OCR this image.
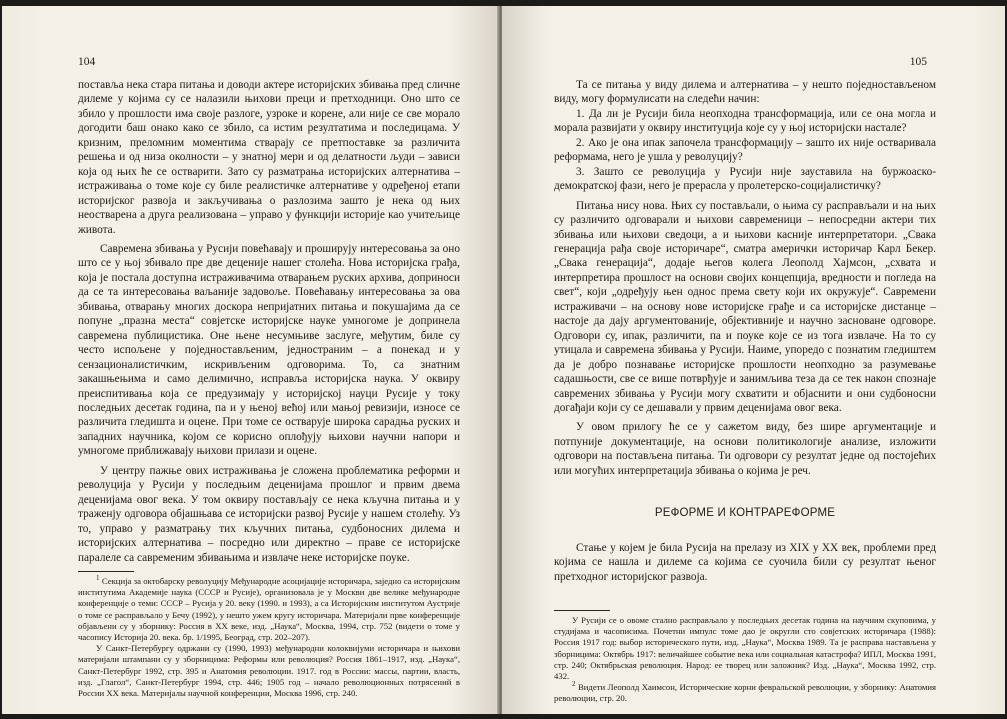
104

постављa нека стара питања и доводи актере историјских збивања пред сличне дилеме у којима су се налазили њихови преци и претходници. Оно што се збило у прошлости има своје разлоге, узроке и корене, али није се све морало догодити баш онако како се збило, са истим резултатима и последицама. У кризним, преломним моментима стварају се претпоставке за различита решења и од низа околности – у знатној мери и од делатности људи – зависи која од њих ће се остварити. Зато су разматрања историјских алтернатива – истраживања о томе које су биле реалистичке алтернативе у одређеној етапи историјског развоја и закључивања о разлозима зашто је нека од њих неостварена а друга реализована – управо у функцији историје као учитељице живота.

Савремена збивања у Русији повећавају и проширују интересовања за оно што се у њој збивало пре две деценије нашег столећа. Нова историјска грађа, која је постала доступна истраживачима отварањем руских архива, допринoси да се та интересовања ваљаније задовоље. Повећавању интересовања за ова збивања, отварању многих доскора непријатних питања и покушајима да се попуне „празна места“ совјетске историјске науке умногоме је допринела савремена публицистика. Оне њене несумњиве заслуге, међутим, биле су често испољене у поједностављеним, једностраним – а понекад и у сензационалистичким, искривљеним одговорима. То, са знатним закашњењима и само делимично, исправља историјска наука. У оквиру преиспитивања која се предузимају у историјској науци Русије у току последњих десетак година, па и у њеној већој или мањој ревизији, износе се различита гледишта и оцене. При томе се остварује широка сарадња руских и западних научника, којом се корисно оплођују њихови научни напори и умногоме приближавају њихови прилази и оцене.

У центру пажње ових истраживања је сложена проблематика реформи и револуција у Русији у последњим деценијама прошлог и првим двема деценијама овог века. У том оквиру постављају се нека кључна питања и у траженју одговора објашњава се историјски развој Русије у нашем столећу. Уз то, управо у разматрању тих кључних питања, судбоносних дилема и историјских алтернатива – посредно или директно – праве се историјске паралеле са савременим збивањима и извлаче неке историјске поуке.

$^1$ Секција за октобарску револуцију Међународне асоцијације историчара, заједно са историјским институтима Академије наука (СССР и Русије), организовала је у Москви две велике међународне конференције о теми: СССР – Русија у 20. веку (1990. и 1993), а са Историјским институтом Аустрије о томе се расправљало у Бечу (1992), у нешто ужем кругу историчара. Материјали прве конференције објављени су у зборнику: Россия в ХХ веке, изд. „Наука“, Москва, 1994, стр. 752 (видети о томе у часопису Историја 20. века. бр. 1/1995, Београд, стр. 202–207).

У Санкт-Петербургу одржани су (1990, 1993) међународни колоквијуми историчара и њихови материјали штампани су у зборницима: Реформы или революция? Россия 1861–1917, изд. „Наука“, Санкт-Петербург 1992, стр. 395 и Анатомия революции. 1917. год в России: массы, партии, власть, изд. „Глагол“, Санкт-Петербург 1994, стр. 446; 1905 год – начало революционных потрясений в России ХХ века. Материјалы научной конференции, Москва 1996, стр. 240.

105

Та се питања у виду дилема и алтернатива – у нешто поједностављеном виду, могу формулисати на следећи начин:

1. Да ли је Русији била неопходна трансформација, или се она могла и морала развијати у оквиру институција које су у њој историјски настале?

2. Ако је она ипак започела трансформацију – зашто их није остваривала реформама, него је ушла у револуцију?

3. Зашто се револуција у Русији није зауставила на буржоаско-демократској фази, него је прерасла у пролетерско-социјалистичку?

Питања нису нова. Њих су постављали, о њима су расправљали и на њих су различито одговарали и њихови савременици – непосредни актери тих збивања или њихови сведоци, а и њихови касније интерпретатори. „Свака генерација рађа своје историчаре“, сматра амерички историчар Карл Бекер. „Свака генерација“, додаје његов колега Леополд Хајмсон, „схвата и интерпретира прошлост на основи својих концепција, вредности и погледа на свет“, који „одређују њен однос према свету који их окружује“. Савремени истраживачи – на основу нове историјске грађе и са историјске дистанце – настоје да дају аргументованије, објективније и научно засноване одговоре. Одговори су, ипак, различити, па и поуке које се из тога извлаче. На то су утицала и савремена збивања у Русији. Наиме, упоредо с познатим гледиштем да је добро познавање историјске прошлости неопходно за разумевање садашњости, све се више потврђује и занимљива теза да се тек након спознаје савремених збивања у Русији могу схватити и објаснити и они судбоносни догађаји који су се дешавали у првим деценијама овог века.

У овом прилогу ће се у сажетом виду, без шире аргументације и потпуније документације, на основи политикологије анализе, изложити одговори на постављена питања. Ти одговори су резултат једне од постојећих или могућих интерпретација збивања о којима је реч.

РЕФОРМЕ И КОНТРАРЕФОРМЕ

Стање у којем је била Русија на прелазу из XIX у ХХ век, проблеми пред којима се нашла и дилеме са којима се суочила били су резултат њеног претходног историјског развоја.

У Русији се о овоме стално расправљало у последњих десетак година на научним скуповима, у студијама и часописима. Почетни импулс томе дао је округли сто совјетских историчара (1988): Россия 1917 год: выбор исторического пути, изд. „Наука“, Москва 1989. Та је расправа настављена у зборницима: Октябрь 1917: величайшее событие века или социальная катастрофа? ИПЛ, Москва 1991, стр. 240; Октябрьская революция. Народ: ее творец или заложник? Изд. „Наука“, Москва 1992, стр. 432.

$^2$ Видети Леополд Хаимсон, Исторические корни февральской революции, у зборнику: Анатомия революции, стр. 20.
